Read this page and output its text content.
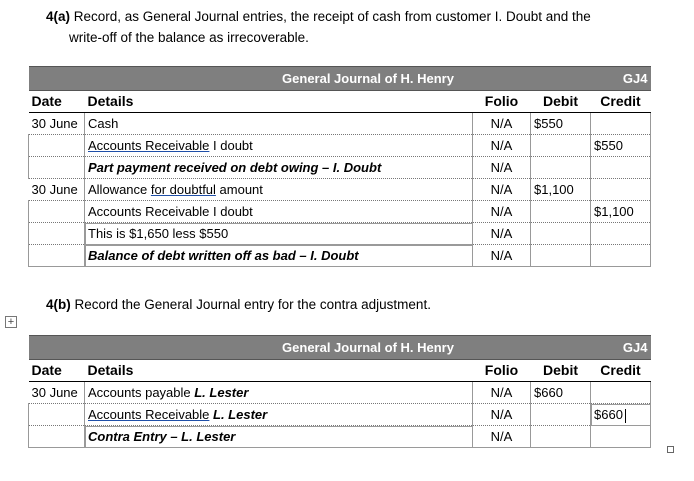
4(a) Record, as General Journal entries, the receipt of cash from customer I. Doubt and the
write-off of the balance as irrecoverable.
General Journal of H. Henry				GJ4
Date	Details	Folio	Debit	Credit
30 June	Cash	N/A	$550	
	Accounts Receivable I doubt	N/A		$550
	Part payment received on debt owing – I. Doubt	N/A		
30 June	Allowance for doubtful amount	N/A	$1,100	
	Accounts Receivable I doubt	N/A		$1,100
	This is $1,650 less $550	N/A		
	Balance of debt written off as bad – I. Doubt	N/A		
4(b) Record the General Journal entry for the contra adjustment.
+
General Journal of H. Henry				GJ4
Date	Details	Folio	Debit	Credit
30 June	Accounts payable L. Lester	N/A	$660	
	Accounts Receivable L. Lester	N/A		$660
	Contra Entry – L. Lester	N/A		
